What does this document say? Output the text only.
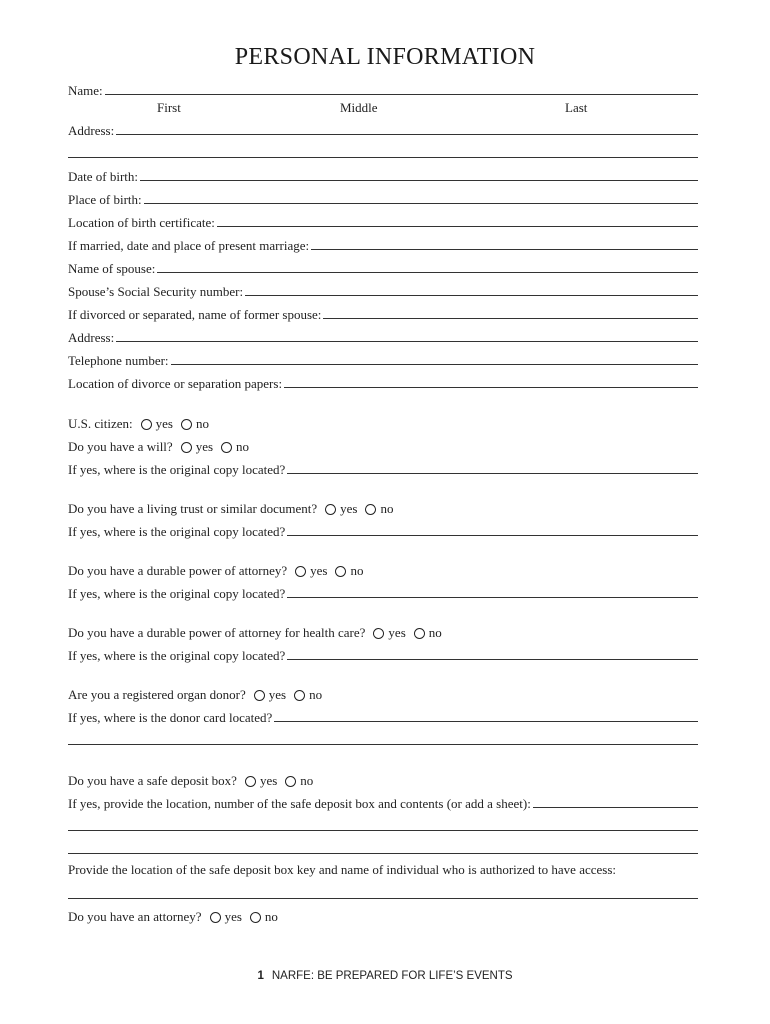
PERSONAL INFORMATION
Name:
First	Middle	Last
Address:
Date of birth:
Place of birth:
Location of birth certificate:
If married, date and place of present marriage:
Name of spouse:
Spouse’s Social Security number:
If divorced or separated, name of former spouse:
Address:
Telephone number:
Location of divorce or separation papers:
U.S. citizen: yes no
Do you have a will? yes no
If yes, where is the original copy located?
Do you have a living trust or similar document? yes no
If yes, where is the original copy located?
Do you have a durable power of attorney? yes no
If yes, where is the original copy located?
Do you have a durable power of attorney for health care? yes no
If yes, where is the original copy located?
Are you a registered organ donor? yes no
If yes, where is the donor card located?
Do you have a safe deposit box? yes no
If yes, provide the location, number of the safe deposit box and contents (or add a sheet):
Provide the location of the safe deposit box key and name of individual who is authorized to have access:
Do you have an attorney? yes no
1 NARFE: BE PREPARED FOR LIFE’S EVENTS
